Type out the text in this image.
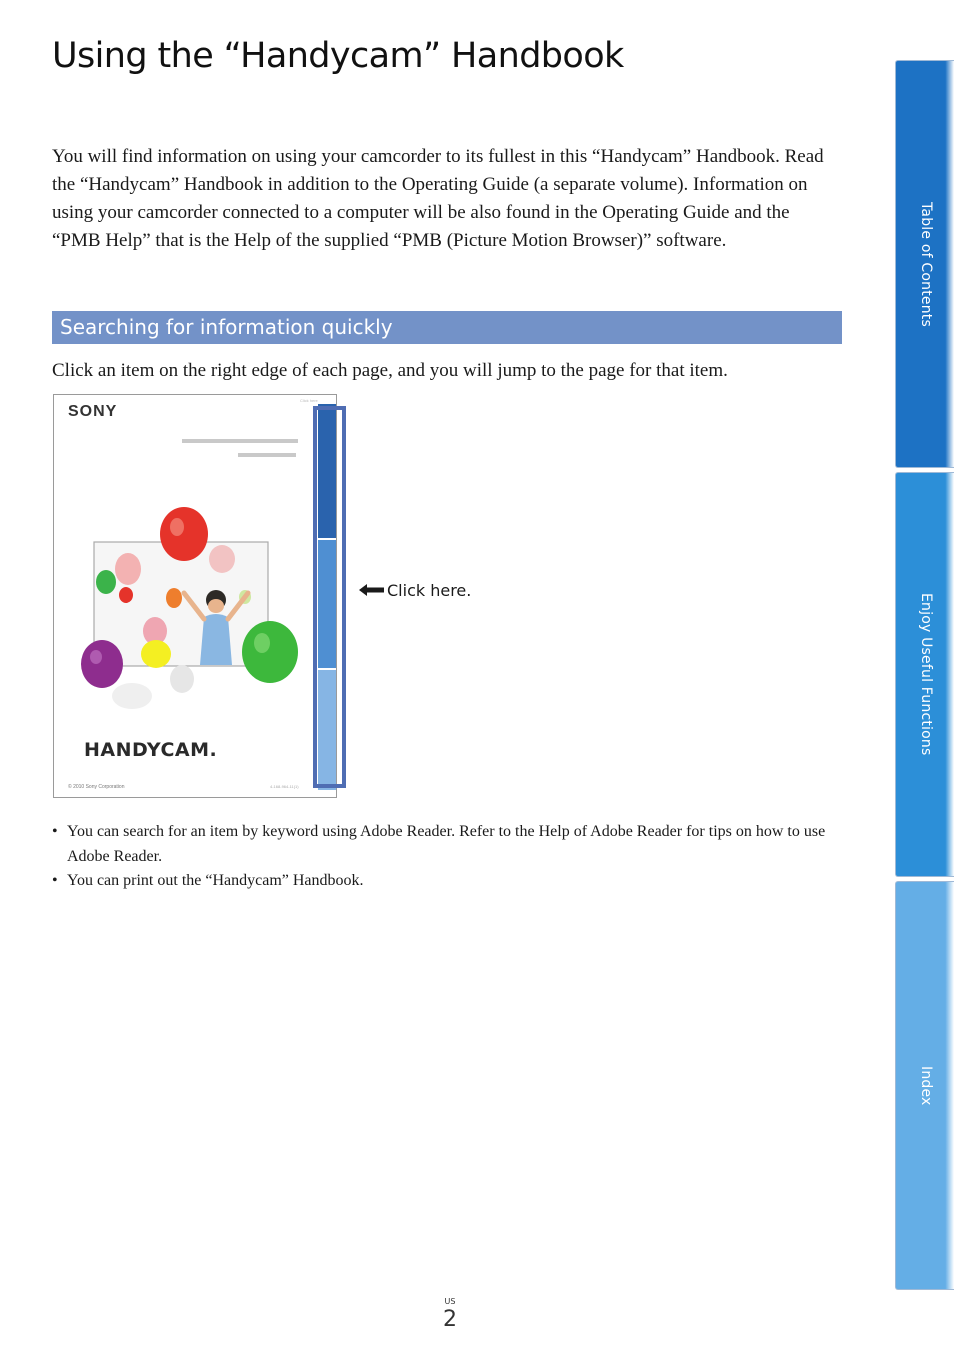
Using the “Handycam” Handbook

You will find information on using your camcorder to its fullest in this “Handycam” Handbook. Read the “Handycam” Handbook in addition to the Operating Guide (a separate volume). Information on using your camcorder connected to a computer will be also found in the Operating Guide and the “PMB Help” that is the Help of the supplied “PMB (Picture Motion Browser)” software.

Searching for information quickly

Click an item on the right edge of each page, and you will jump to the page for that item.

SONY
Click here
HANDYCAM.
© 2010 Sony Corporation	4-168-964-11(1)
Click here.
• You can search for an item by keyword using Adobe Reader. Refer to the Help of Adobe Reader for tips on how to use Adobe Reader.
• You can print out the “Handycam” Handbook.
Table of Contents
Enjoy Useful Functions
Index
US
2
